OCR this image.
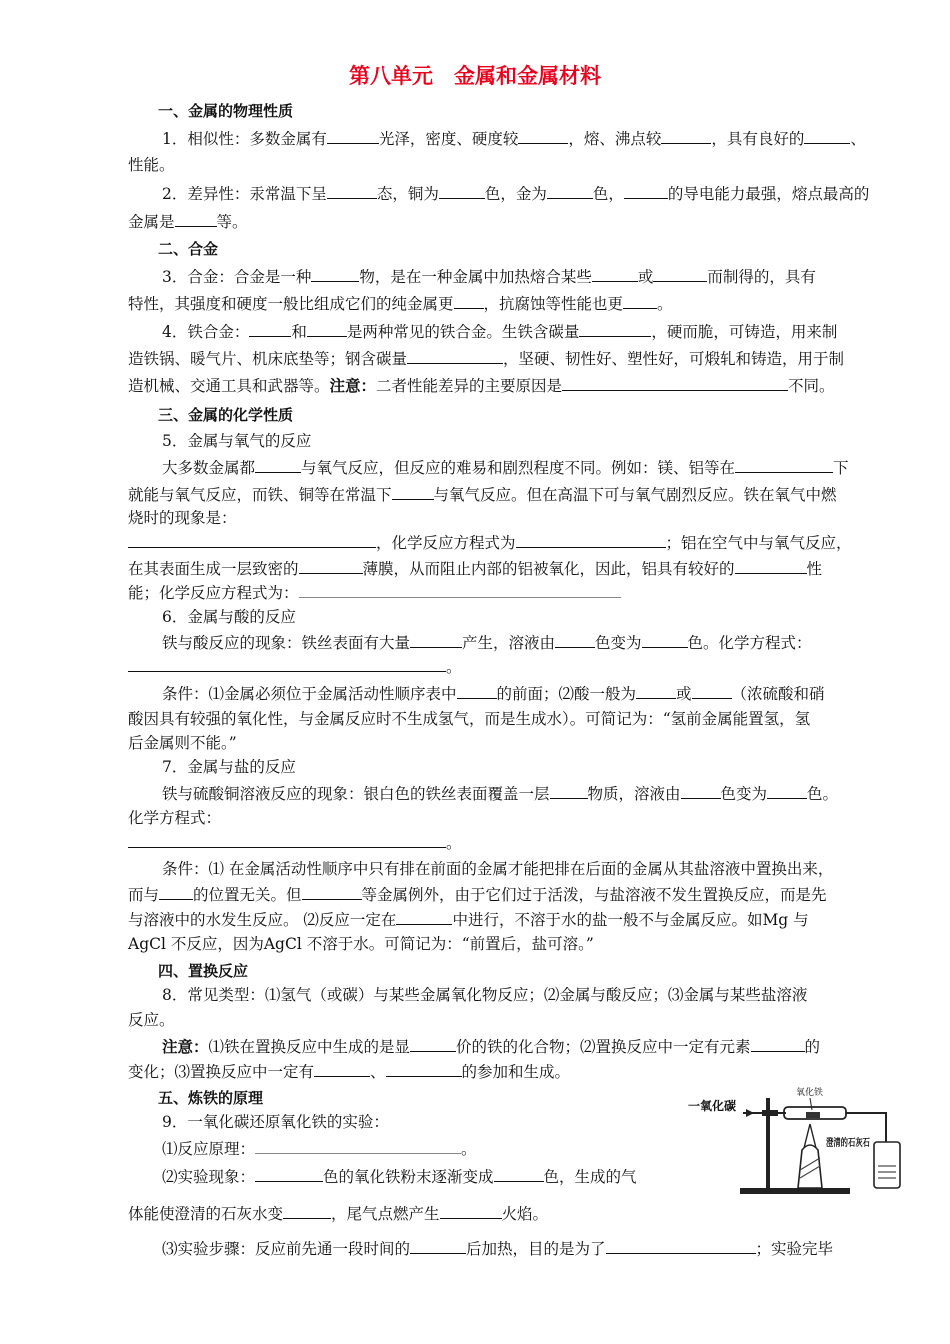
第八单元　金属和金属材料
一、金属的物理性质
1．相似性：多数金属有	光泽，密度、硬度较	，熔、沸点较	，具有良好的	、
性能。
2．差异性：汞常温下呈	态，铜为	色，金为	色，	的导电能力最强，熔点最高的
金属是	等。
二、合金
3．合金：合金是一种	物，是在一种金属中加热熔合某些	或	而制得的，具有
特性，其强度和硬度一般比组成它们的纯金属更 ，抗腐蚀等性能也更 。
4．铁合金：	和	是两种常见的铁合金。生铁含碳量	，硬而脆，可铸造，用来制
造铁锅、暖气片、机床底垫等；钢含碳量	，坚硬、韧性好、塑性好，可煅轧和铸造，用于制
造机械、交通工具和武器等。注意：二者性能差异的主要原因是	不同。
三、金属的化学性质
5．金属与氧气的反应
大多数金属都	与氧气反应，但反应的难易和剧烈程度不同。例如：镁、铝等在	下
就能与氧气反应，而铁、铜等在常温下	与氧气反应。但在高温下可与氧气剧烈反应。铁在氧气中燃
烧时的现象是：
，化学反应方程式为	；铝在空气中与氧气反应，
在其表面生成一层致密的	薄膜，从而阻止内部的铝被氧化，因此，铝具有较好的	性
能；化学反应方程式为：
6．金属与酸的反应
铁与酸反应的现象：铁丝表面有大量	产生，溶液由	色变为	色。化学方程式：
。
条件：⑴金属必须位于金属活动性顺序表中	的前面；⑵酸一般为	或	（浓硫酸和硝
酸因具有较强的氧化性，与金属反应时不生成氢气，而是生成水）。可简记为：“氢前金属能置氢，氢
后金属则不能。”
7．金属与盐的反应
铁与硫酸铜溶液反应的现象：银白色的铁丝表面覆盖一层 物质，溶液由	色变为	色。
化学方程式：
。
条件：⑴ 在金属活动性顺序中只有排在前面的金属才能把排在后面的金属从其盐溶液中置换出来，
而与 的位置无关。但	等金属例外，由于它们过于活泼，与盐溶液不发生置换反应，而是先
与溶液中的水发生反应。 ⑵反应一定在	中进行，不溶于水的盐一般不与金属反应。如Mg 与
AgCl 不反应，因为AgCl 不溶于水。可简记为：“前置后，盐可溶。”
四、置换反应
8．常见类型：⑴氢气（或碳）与某些金属氧化物反应；⑵金属与酸反应；⑶金属与某些盐溶液
反应。
注意：⑴铁在置换反应中生成的是显	价的铁的化合物；⑵置换反应中一定有元素	的
变化；⑶置换反应中一定有	、	的参加和生成。
五、炼铁的原理
9．一氧化碳还原氧化铁的实验：
⑴反应原理：	。
⑵实验现象：	色的氧化铁粉末逐渐变成	色，生成的气
体能使澄清的石灰水变	，尾气点燃产生	火焰。
⑶实验步骤：反应前先通一段时间的	后加热，目的是为了	；实验完毕
一氧化碳
氧化铁
澄清的石灰石
